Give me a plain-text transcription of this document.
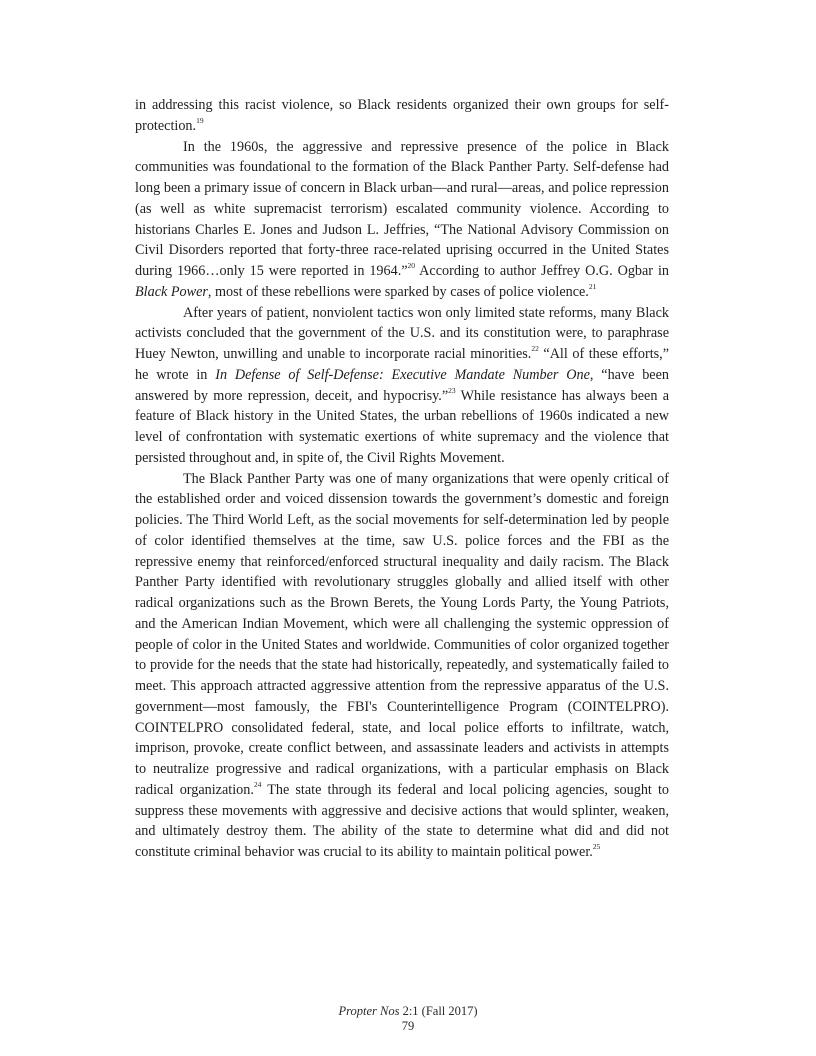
in addressing this racist violence, so Black residents organized their own groups for self-protection.$^{19}$

In the 1960s, the aggressive and repressive presence of the police in Black communities was foundational to the formation of the Black Panther Party. Self-defense had long been a primary issue of concern in Black urban—and rural—areas, and police repression (as well as white supremacist terrorism) escalated community violence. According to historians Charles E. Jones and Judson L. Jeffries, “The National Advisory Commission on Civil Disorders reported that forty-three race-related uprising occurred in the United States during 1966…only 15 were reported in 1964.”$^{20}$ According to author Jeffrey O.G. Ogbar in Black Power, most of these rebellions were sparked by cases of police violence.$^{21}$

After years of patient, nonviolent tactics won only limited state reforms, many Black activists concluded that the government of the U.S. and its constitution were, to paraphrase Huey Newton, unwilling and unable to incorporate racial minorities.$^{22}$ “All of these efforts,” he wrote in In Defense of Self-Defense: Executive Mandate Number One, “have been answered by more repression, deceit, and hypocrisy.”$^{23}$ While resistance has always been a feature of Black history in the United States, the urban rebellions of 1960s indicated a new level of confrontation with systematic exertions of white supremacy and the violence that persisted throughout and, in spite of, the Civil Rights Movement.

The Black Panther Party was one of many organizations that were openly critical of the established order and voiced dissension towards the government’s domestic and foreign policies. The Third World Left, as the social movements for self-determination led by people of color identified themselves at the time, saw U.S. police forces and the FBI as the repressive enemy that reinforced/enforced structural inequality and daily racism. The Black Panther Party identified with revolutionary struggles globally and allied itself with other radical organizations such as the Brown Berets, the Young Lords Party, the Young Patriots, and the American Indian Movement, which were all challenging the systemic oppression of people of color in the United States and worldwide. Communities of color organized together to provide for the needs that the state had historically, repeatedly, and systematically failed to meet. This approach attracted aggressive attention from the repressive apparatus of the U.S. government—most famously, the FBI's Counterintelligence Program (COINTELPRO). COINTELPRO consolidated federal, state, and local police efforts to infiltrate, watch, imprison, provoke, create conflict between, and assassinate leaders and activists in attempts to neutralize progressive and radical organizations, with a particular emphasis on Black radical organization.$^{24}$ The state through its federal and local policing agencies, sought to suppress these movements with aggressive and decisive actions that would splinter, weaken, and ultimately destroy them. The ability of the state to determine what did and did not constitute criminal behavior was crucial to its ability to maintain political power.$^{25}$

Propter Nos 2:1 (Fall 2017)
79
